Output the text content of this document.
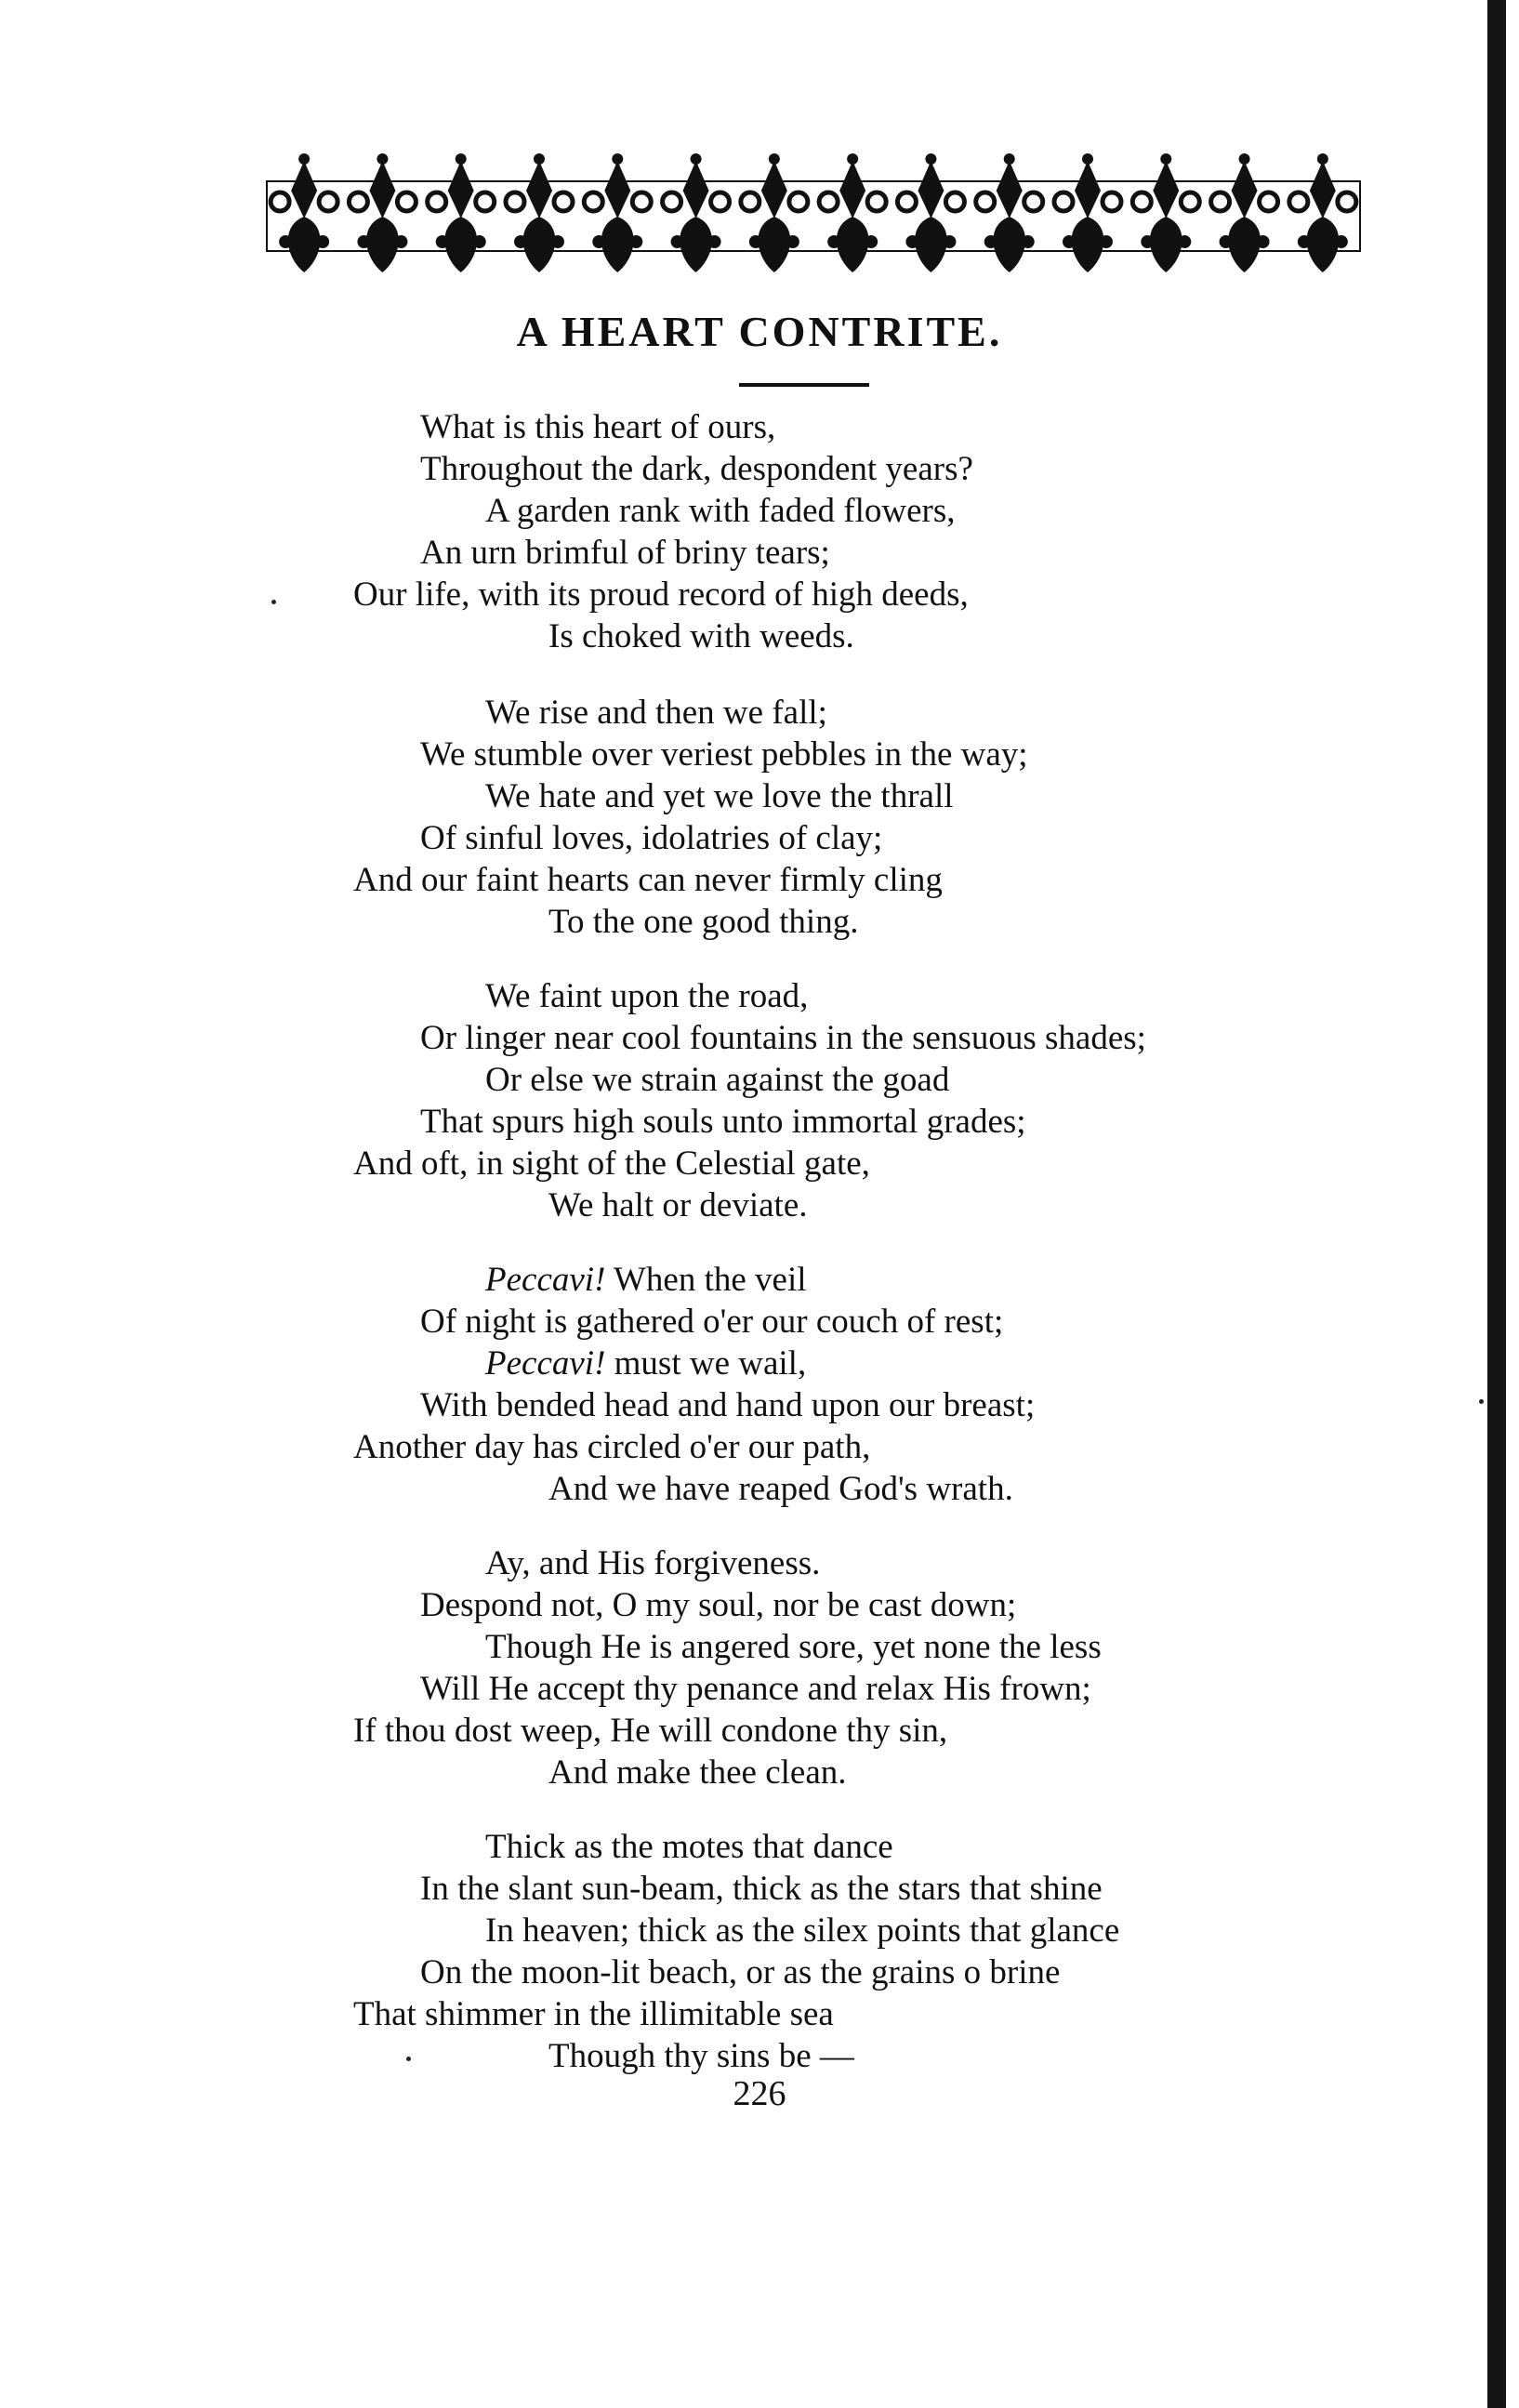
A HEART CONTRITE.
What is this heart of ours,
Throughout the dark, despondent years?
A garden rank with faded flowers,
An urn brimful of briny tears;
Our life, with its proud record of high deeds,
Is choked with weeds.
We rise and then we fall;
We stumble over veriest pebbles in the way;
We hate and yet we love the thrall
Of sinful loves, idolatries of clay;
And our faint hearts can never firmly cling
To the one good thing.
We faint upon the road,
Or linger near cool fountains in the sensuous shades;
Or else we strain against the goad
That spurs high souls unto immortal grades;
And oft, in sight of the Celestial gate,
We halt or deviate.
Peccavi! When the veil
Of night is gathered o'er our couch of rest;
Peccavi! must we wail,
With bended head and hand upon our breast;
Another day has circled o'er our path,
And we have reaped God's wrath.
Ay, and His forgiveness.
Despond not, O my soul, nor be cast down;
Though He is angered sore, yet none the less
Will He accept thy penance and relax His frown;
If thou dost weep, He will condone thy sin,
And make thee clean.
Thick as the motes that dance
In the slant sun-beam, thick as the stars that shine
In heaven; thick as the silex points that glance
On the moon-lit beach, or as the grains o brine
That shimmer in the illimitable sea
Though thy sins be —
226
